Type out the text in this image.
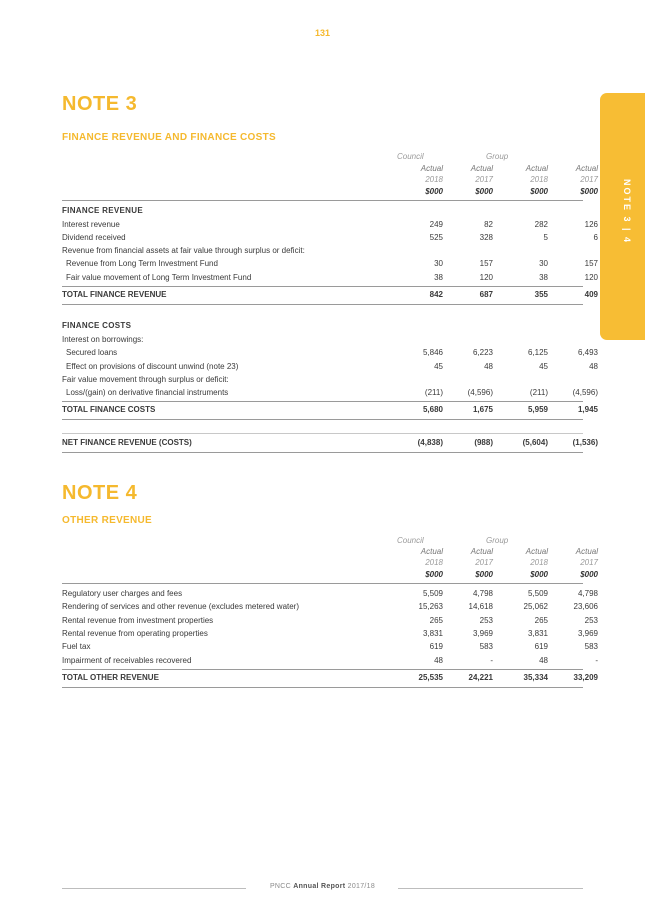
131
NOTE 3 | 4
NOTE 3
FINANCE REVENUE AND FINANCE COSTS
Council	Group
Actual	Actual	Actual	Actual
2018	2017	2018	2017
$000	$000	$000	$000
FINANCE REVENUE
Interest revenue	249	82	282	126
Dividend received	525	328	5	6
Revenue from financial assets at fair value through surplus or deficit:
Revenue from Long Term Investment Fund	30	157	30	157
Fair value movement of Long Term Investment Fund	38	120	38	120
TOTAL FINANCE REVENUE	842	687	355	409
FINANCE COSTS
Interest on borrowings:
Secured loans	5,846	6,223	6,125	6,493
Effect on provisions of discount unwind (note 23)	45	48	45	48
Fair value movement through surplus or deficit:
Loss/(gain) on derivative financial instruments	(211)	(4,596)	(211)	(4,596)
TOTAL FINANCE COSTS	5,680	1,675	5,959	1,945
NET FINANCE REVENUE (COSTS)	(4,838)	(988)	(5,604)	(1,536)
NOTE 4
OTHER REVENUE
Council	Group
Actual	Actual	Actual	Actual
2018	2017	2018	2017
$000	$000	$000	$000
Regulatory user charges and fees	5,509	4,798	5,509	4,798
Rendering of services and other revenue (excludes metered water)	15,263	14,618	25,062	23,606
Rental revenue from investment properties	265	253	265	253
Rental revenue from operating properties	3,831	3,969	3,831	3,969
Fuel tax	619	583	619	583
Impairment of receivables recovered	48	-	48	-
TOTAL OTHER REVENUE	25,535	24,221	35,334	33,209
PNCC Annual Report 2017/18
